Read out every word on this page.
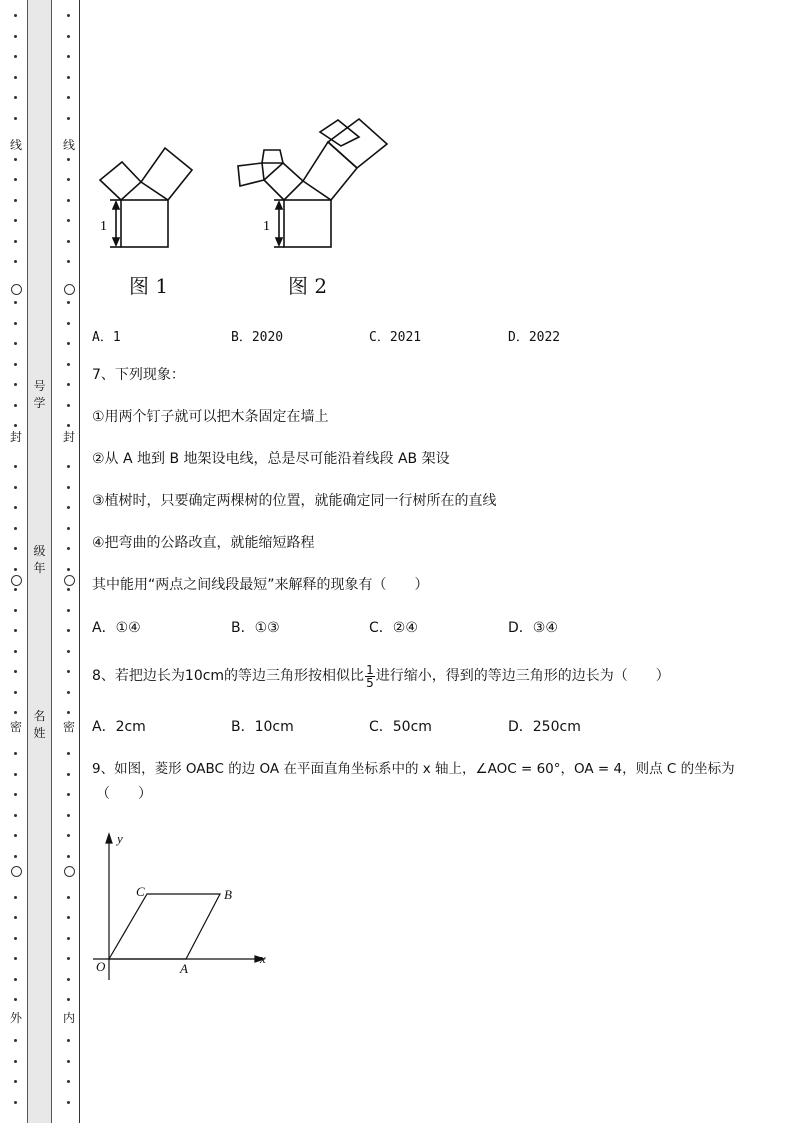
线
封
密
外
线
封
密
内
号
学
级
年
名
姓
1	1
图 1	图 2
A．1	B．2020	C．2021	D．2022
7、下列现象：
①用两个钉子就可以把木条固定在墙上
②从 A 地到 B 地架设电线，总是尽可能沿着线段 AB 架设
③植树时，只要确定两棵树的位置，就能确定同一行树所在的直线
④把弯曲的公路改直，就能缩短路程
其中能用“两点之间线段最短”来解释的现象有（　　）
A．①④	B．①③	C．②④	D．③④
8、若把边长为10cm的等边三角形按相似比 $\frac{1}{5}$ 进行缩小，得到的等边三角形的边长为（　　）
A．2cm	B．10cm	C．50cm	D．250cm
9、如图，菱形 OABC 的边 OA 在平面直角坐标系中的 x 轴上，∠AOC = 60°，OA = 4，则点 C 的坐标为
（　　）
y
x
O	A
B
C
